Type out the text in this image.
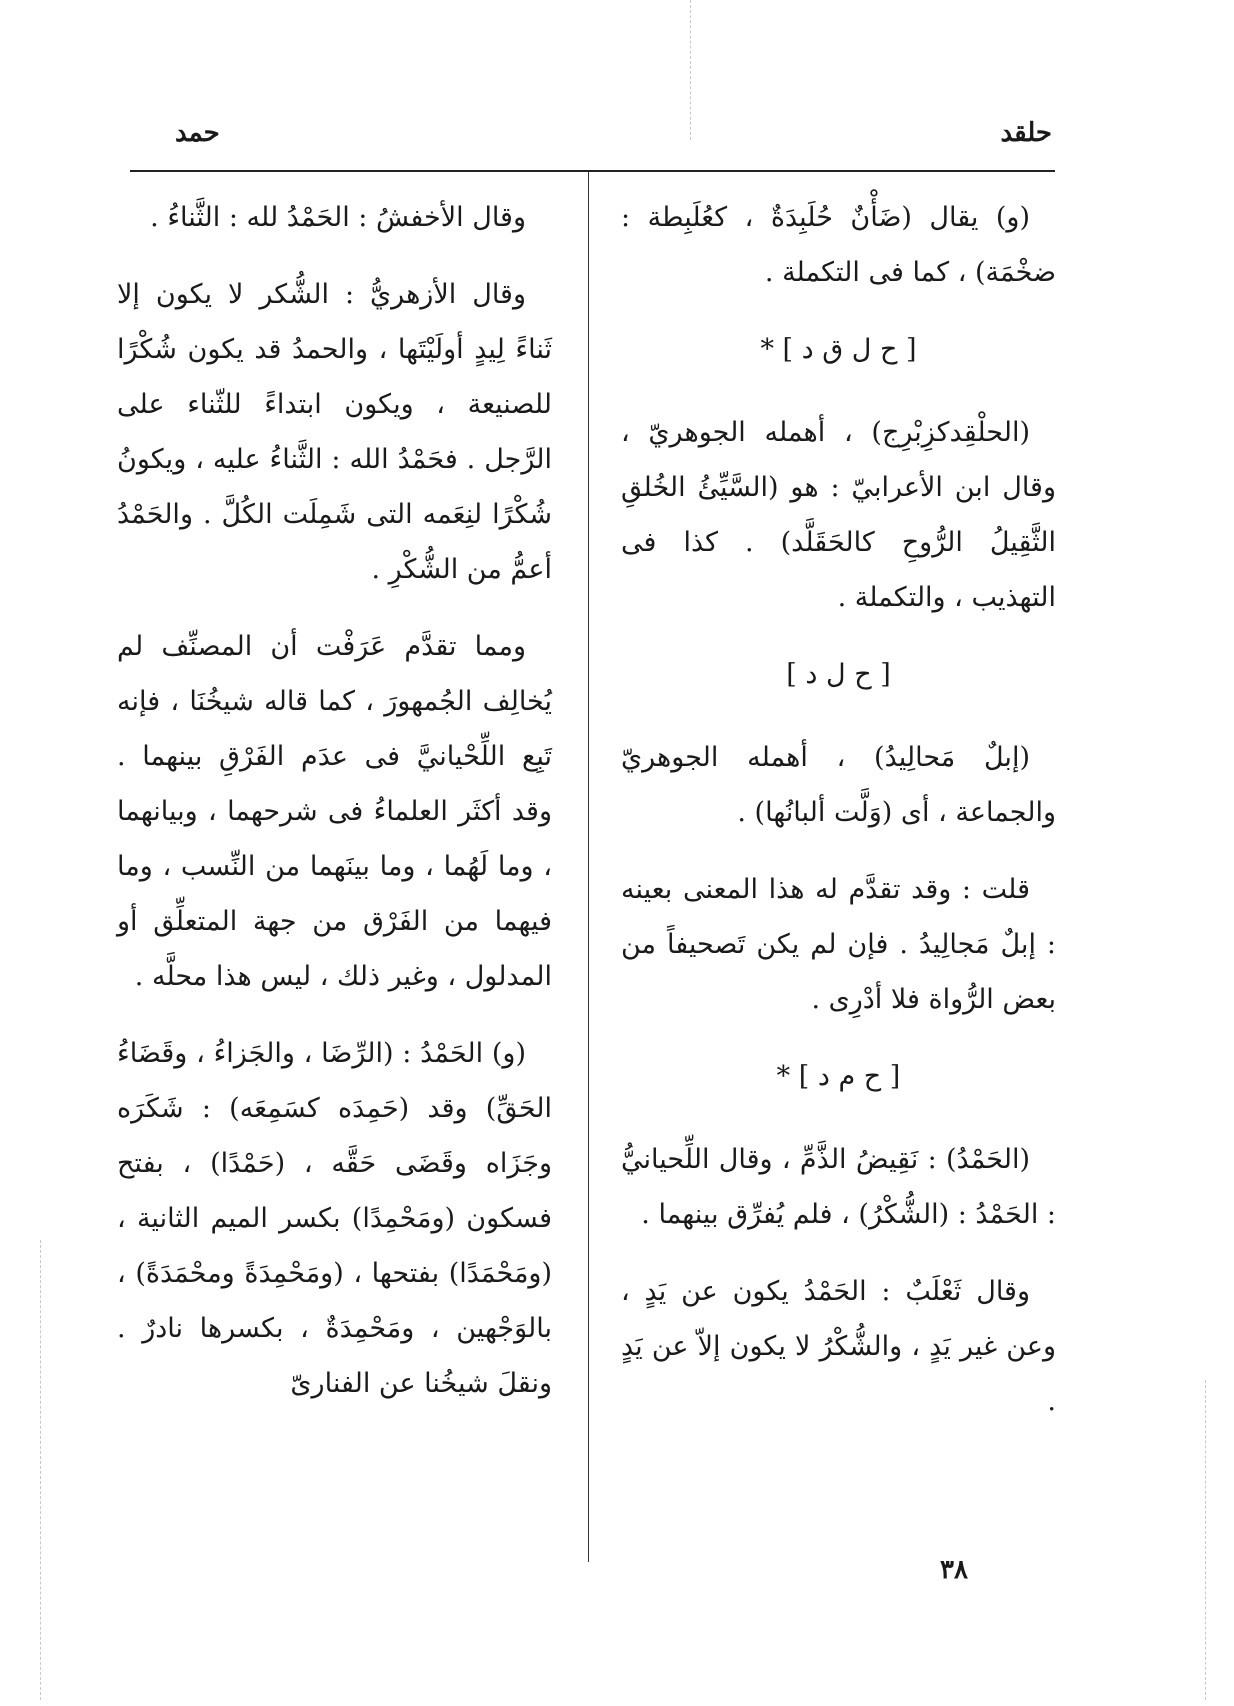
حلقد
حمد

(و) يقال (ضَأْنٌ حُلَبِدَةٌ ، كعُلَبِطة : ضخْمَة) ، كما فى التكملة .

[ ح ل ق د ] *

(الحلْقِدكزِبْرِج) ، أهمله الجوهريّ ، وقال ابن الأعرابيّ : هو (السَّيِّئُ الخُلقِ الثَّقِيلُ الرُّوحِ كالحَقَلَّد) . كذا فى التهذيب ، والتكملة .

[ ح ل د ]

(إبلٌ مَحالِيدُ) ، أهمله الجوهريّ والجماعة ، أى (وَلَّت ألبانُها) .

قلت : وقد تقدَّم له هذا المعنى بعينه : إبلٌ مَجالِيدُ . فإن لم يكن تَصحيفاً من بعض الرُّواة فلا أدْرِى .

[ ح م د ] *

(الحَمْدُ) : نَقِيضُ الذَّمِّ ، وقال اللِّحيانيُّ : الحَمْدُ : (الشُّكْرُ) ، فلم يُفرِّق بينهما .

وقال ثَعْلَبٌ : الحَمْدُ يكون عن يَدٍ ، وعن غير يَدٍ ، والشُّكْرُ لا يكون إلاّ عن يَدٍ .

وقال الأخفشُ : الحَمْدُ لله : الثَّناءُ .

وقال الأزهريُّ : الشُّكر لا يكون إلا ثَناءً لِيدٍ أولَيْتَها ، والحمدُ قد يكون شُكْرًا للصنيعة ، ويكون ابتداءً للثّناء على الرَّجل . فحَمْدُ الله : الثَّناءُ عليه ، ويكونُ شُكْرًا لنِعَمه التى شَمِلَت الكُلَّ . والحَمْدُ أعمُّ من الشُّكْرِ .

ومما تقدَّم عَرَفْت أن المصنِّف لم يُخالِف الجُمهورَ ، كما قاله شيخُنَا ، فإنه تَبِع اللِّحْيانيَّ فى عدَم الفَرْقِ بينهما . وقد أكثَر العلماءُ فى شرحهما ، وبيانهما ، وما لَهُما ، وما بينَهما من النِّسب ، وما فيهما من الفَرْق من جهة المتعلِّق أو المدلول ، وغير ذلك ، ليس هذا محلَّه .

(و) الحَمْدُ : (الرِّضَا ، والجَزاءُ ، وقَضَاءُ الحَقِّ) وقد (حَمِدَه كسَمِعَه) : شَكَرَه وجَزَاه وقَضَى حَقَّه ، (حَمْدًا) ، بفتح فسكون (ومَحْمِدًا) بكسر الميم الثانية ، (ومَحْمَدًا) بفتحها ، (ومَحْمِدَةً ومحْمَدَةً) ، بالوَجْهين ، ومَحْمِدَةٌ ، بكسرها نادرٌ . ونقلَ شيخُنا عن الفنارىّ

٣٨
